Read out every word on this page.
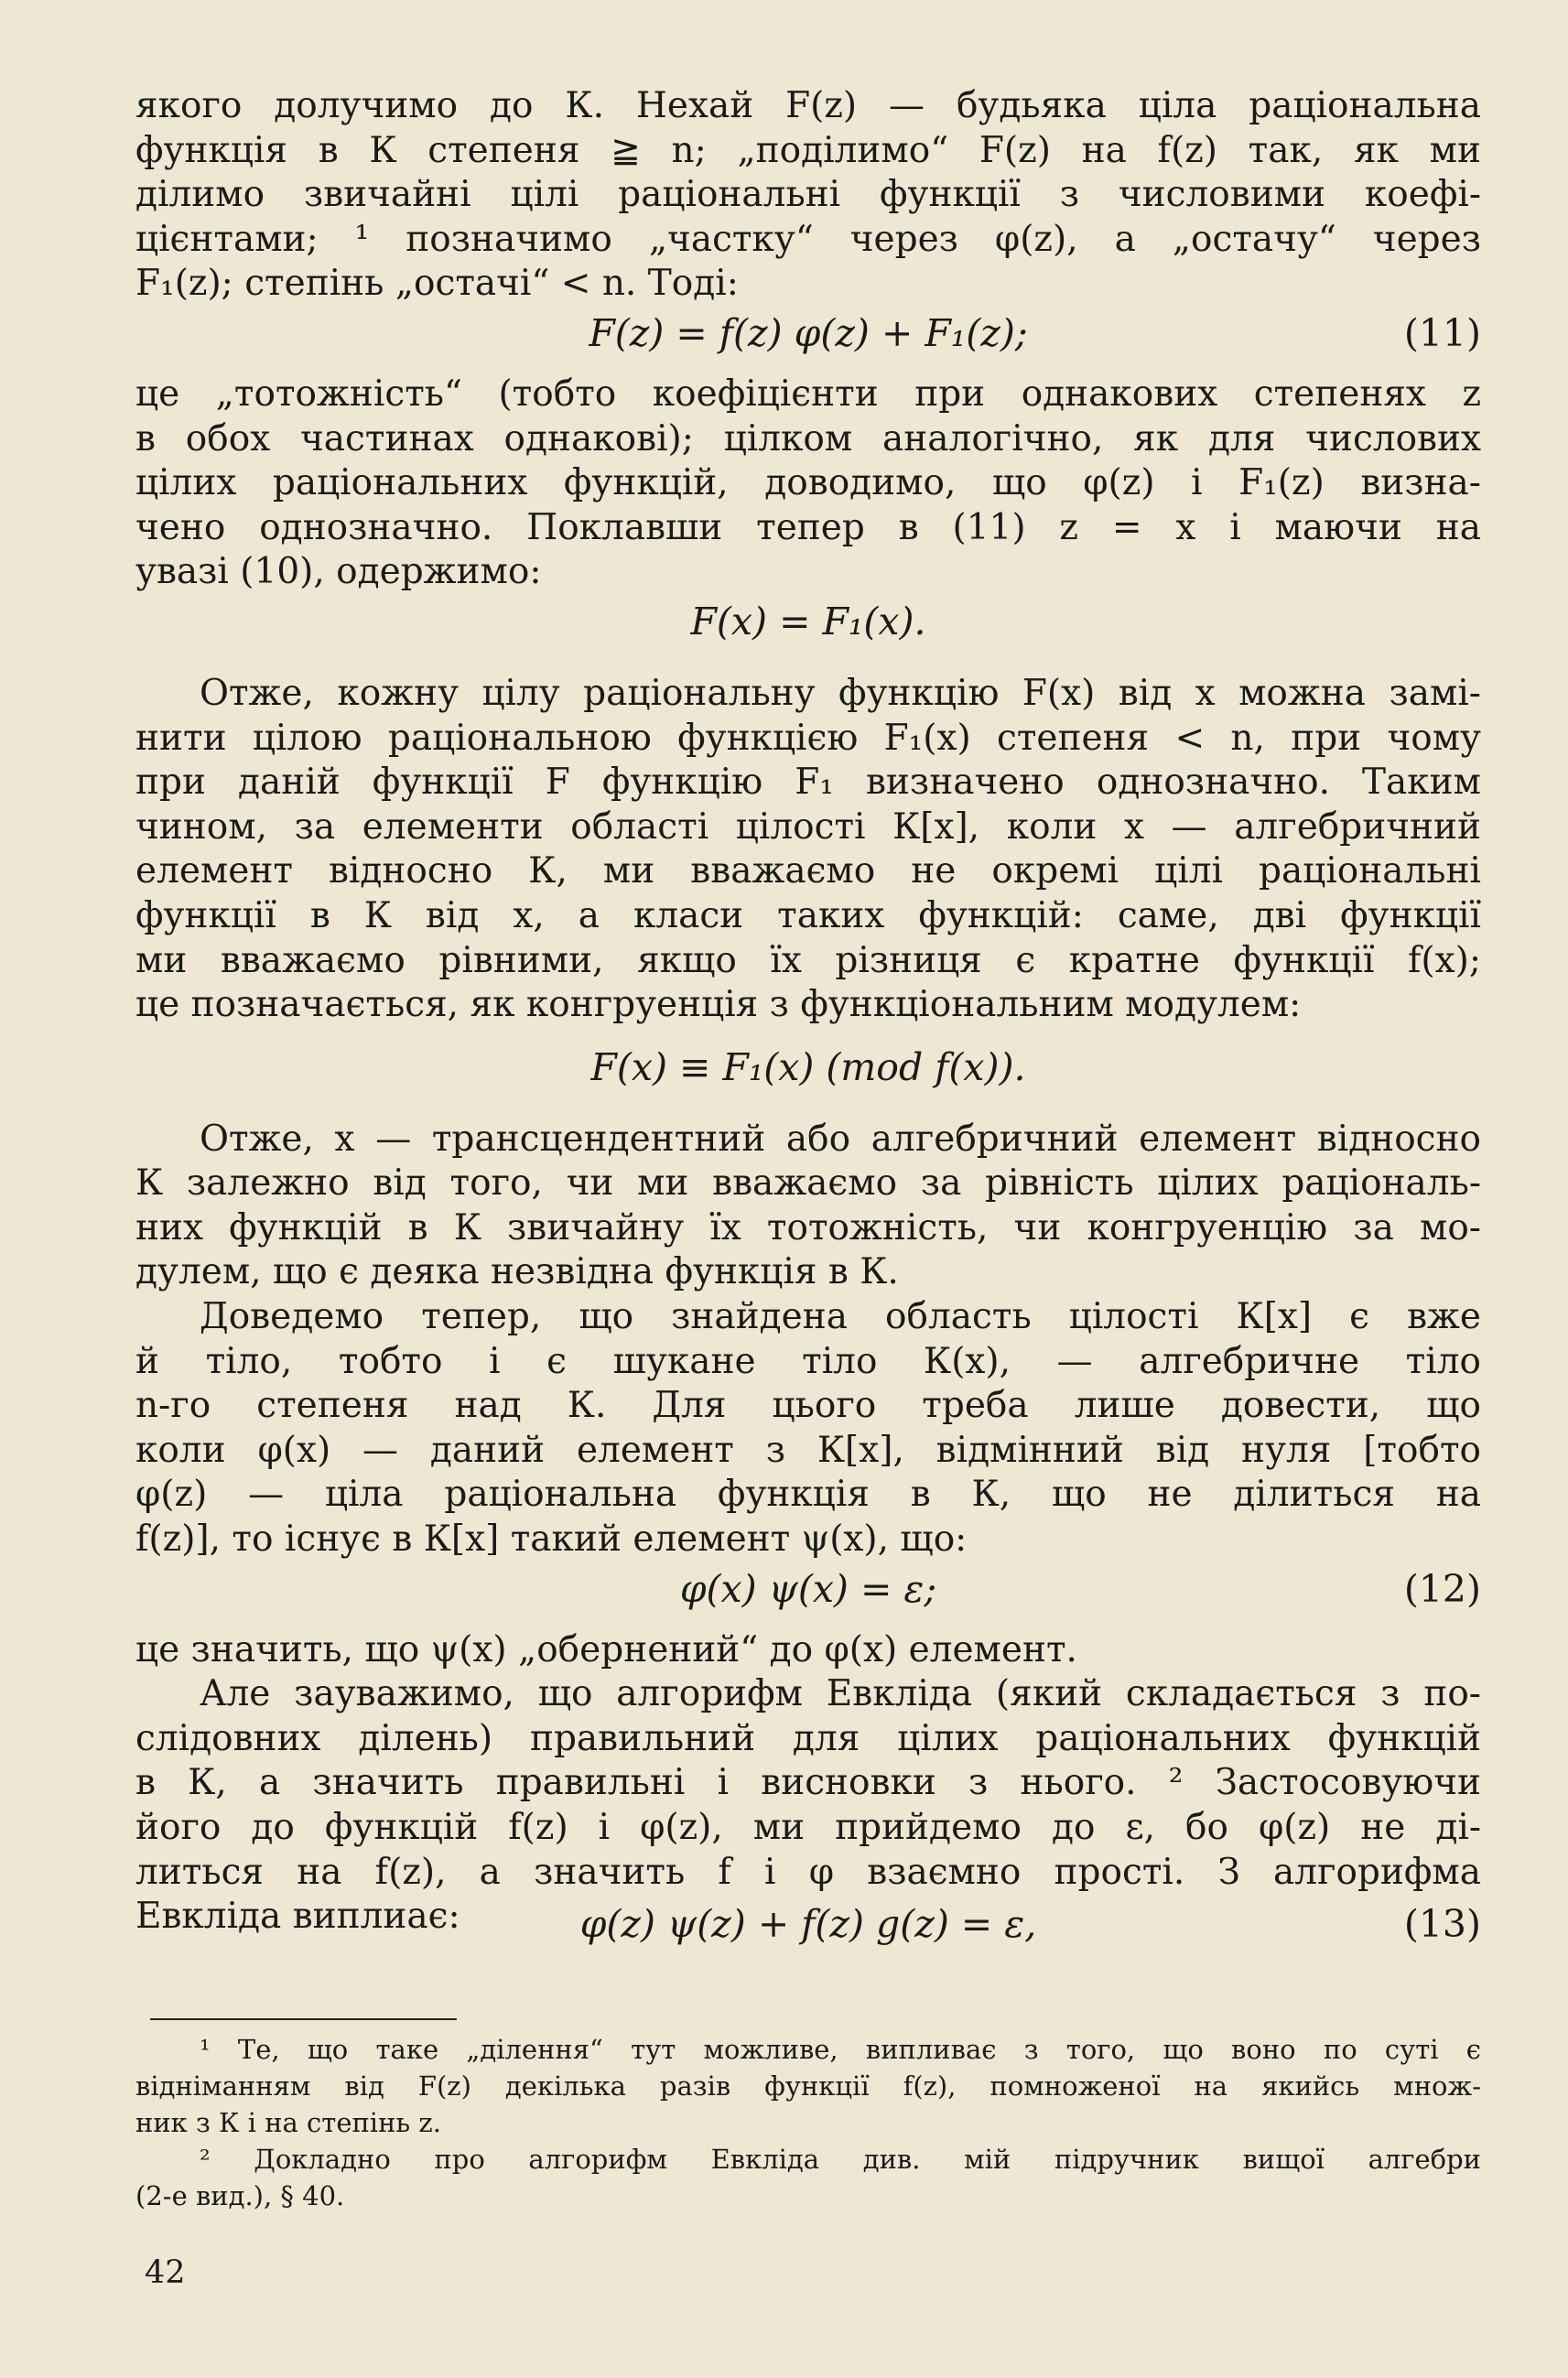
якого долучимо до К. Нехай F(z) — будьяка ціла раціональна

функція в К степеня ≧ n; „поділимо“ F(z) на f(z) так, як ми

ділимо звичайні цілі раціональні функції з числовими коефі-

цієнтами; ¹ позначимо „частку“ через φ(z), а „остачу“ через

F₁(z); степінь „остачі“ < n. Тоді:

F(z) = f(z) φ(z) + F₁(z);	(11)

це „тотожність“ (тобто коефіцієнти при однакових степенях z

в обох частинах однакові); цілком аналогічно, як для числових

цілих раціональних функцій, доводимо, що φ(z) і F₁(z) визна-

чено однозначно. Поклавши тепер в (11) z = x і маючи на

увазі (10), одержимо:

F(x) = F₁(x).

Отже, кожну цілу раціональну функцію F(x) від x можна замі-

нити цілою раціональною функцією F₁(x) степеня < n, при чому

при даній функції F функцію F₁ визначено однозначно. Таким

чином, за елементи області цілості К[x], коли x — алгебричний

елемент відносно К, ми вважаємо не окремі цілі раціональні

функції в К від x, а класи таких функцій: саме, дві функції

ми вважаємо рівними, якщо їх різниця є кратне функції f(x);

це позначається, як конгруенція з функціональним модулем:

F(x) ≡ F₁(x) (mod f(x)).

Отже, x — трансцендентний або алгебричний елемент відносно

К залежно від того, чи ми вважаємо за рівність цілих раціональ-

них функцій в К звичайну їх тотожність, чи конгруенцію за мо-

дулем, що є деяка незвідна функція в К.

Доведемо тепер, що знайдена область цілості К[x] є вже

й тіло, тобто і є шукане тіло К(x), — алгебричне тіло

n-го степеня над К. Для цього треба лише довести, що

коли φ(x) — даний елемент з К[x], відмінний від нуля [тобто

φ(z) — ціла раціональна функція в К, що не ділиться на

f(z)], то існує в К[x] такий елемент ψ(x), що:

φ(x) ψ(x) = ε;	(12)

це значить, що ψ(x) „обернений“ до φ(x) елемент.

Але зауважимо, що алгорифм Евкліда (який складається з по-

слідовних ділень) правильний для цілих раціональних функцій

в К, а значить правильні і висновки з нього. ² Застосовуючи

його до функцій f(z) і φ(z), ми прийдемо до ε, бо φ(z) не ді-

литься на f(z), а значить f і φ взаємно прості. З алгорифма

Евкліда виплиає:	φ(z) ψ(z) + f(z) g(z) = ε,	(13)

¹ Те, що таке „ділення“ тут можливе, випливає з того, що воно по суті є

відніманням від F(z) декілька разів функції f(z), помноженої на якийсь множ-

ник з К і на степінь z.

² Докладно про алгорифм Евкліда див. мій підручник вищої алгебри

(2-е вид.), § 40.

42
